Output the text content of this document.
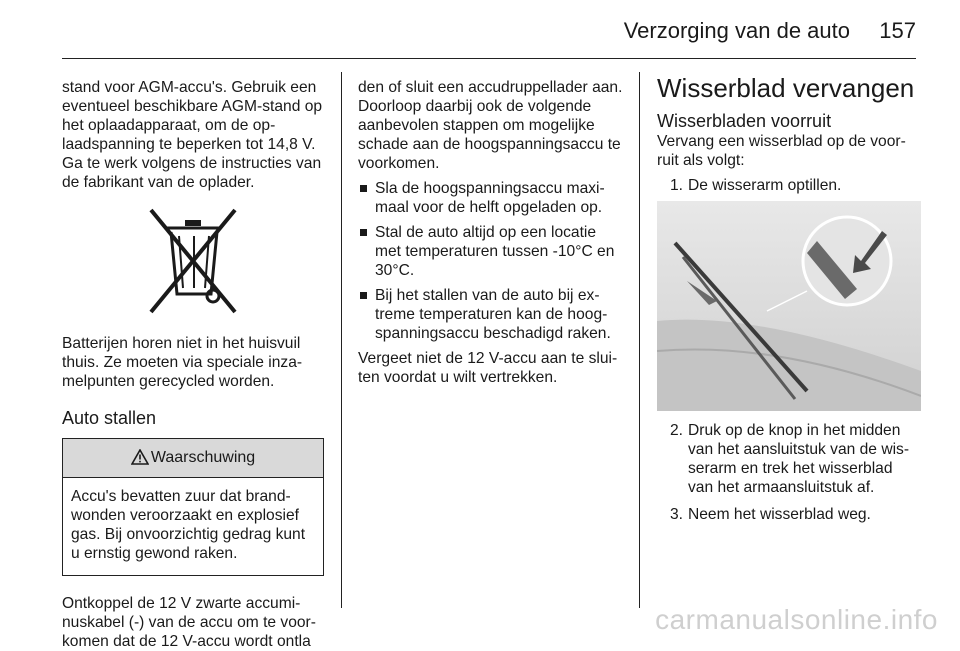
Verzorging van de auto 157

stand voor AGM-accu's. Gebruik een eventueel beschikbare AGM-stand op het oplaadapparaat, om de oplaadspanning te beperken tot 14,8 V. Ga te werk volgens de instructies van de fabrikant van de oplader.

Batterijen horen niet in het huisvuil thuis. Ze moeten via speciale inzamelpunten gerecycled worden.

Auto stallen
Waarschuwing
Accu's bevatten zuur dat brandwonden veroorzaakt en explosief gas. Bij onvoorzichtig gedrag kunt u ernstig gewond raken.

Ontkoppel de 12 V zwarte accuminuskabel (-) van de accu om te voorkomen dat de 12 V-accu wordt ontla

den of sluit een accudruppellader aan. Doorloop daarbij ook de volgende aanbevolen stappen om mogelijke schade aan de hoogspanningsaccu te voorkomen.

Sla de hoogspanningsaccu maximaal voor de helft opgeladen op.
Stal de auto altijd op een locatie met temperaturen tussen -10°C en 30°C.
Bij het stallen van de auto bij extreme temperaturen kan de hoogspanningsaccu beschadigd raken.

Vergeet niet de 12 V-accu aan te sluiten voordat u wilt vertrekken.

Wisserblad vervangen
Wisserbladen voorruit

Vervang een wisserblad op de voorruit als volgt:

1. De wisserarm optillen.
2. Druk op de knop in het midden van het aansluitstuk van de wisserarm en trek het wisserblad van het armaansluitstuk af.
3. Neem het wisserblad weg.
carmanualsonline.info
